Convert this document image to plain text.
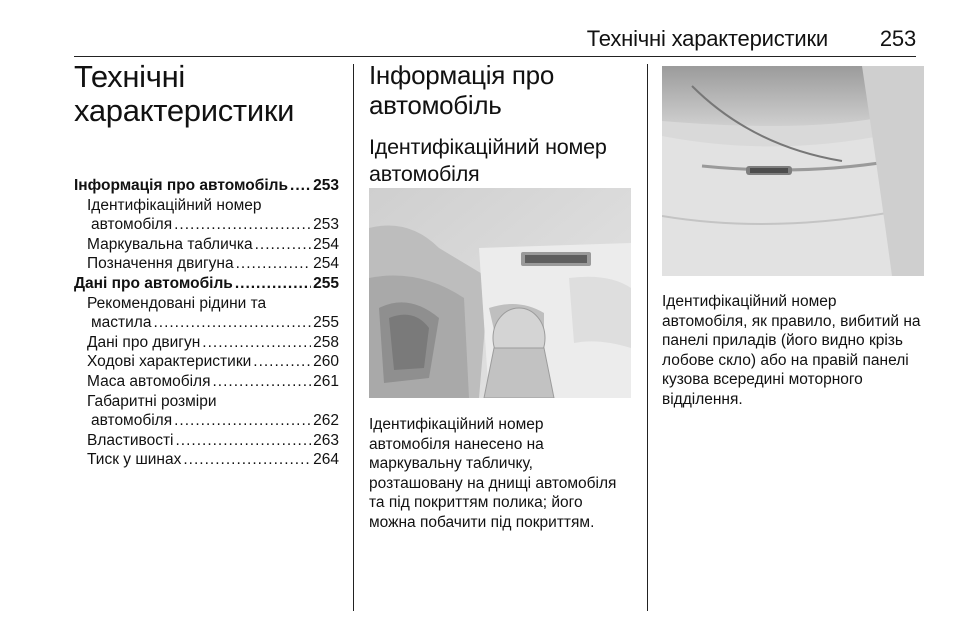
Технічні характеристики 253
Технічні
характеристики
Інформація про автомобіль ..... 253
Ідентифікаційний номер
автомобіля .....	253
Маркувальна табличка .....	254
Позначення двигуна .....	254
Дані про автомобіль .....	255
Рекомендовані рідини та
мастила .....	255
Дані про двигун .....	258
Ходові характеристики .....	260
Маса автомобіля .....	261
Габаритні розміри
автомобіля .....	262
Властивості .....	263
Тиск у шинах .....	264
Інформація про
автомобіль
Ідентифікаційний номер
автомобіля
Ідентифікаційний номер
автомобіля нанесено на
маркувальну табличку,
розташовану на днищі автомобіля
та під покриттям полика; його
можна побачити під покриттям.
Ідентифікаційний номер
автомобіля, як правило, вибитий на
панелі приладів (його видно крізь
лобове скло) або на правій панелі
кузова всередині моторного
відділення.
